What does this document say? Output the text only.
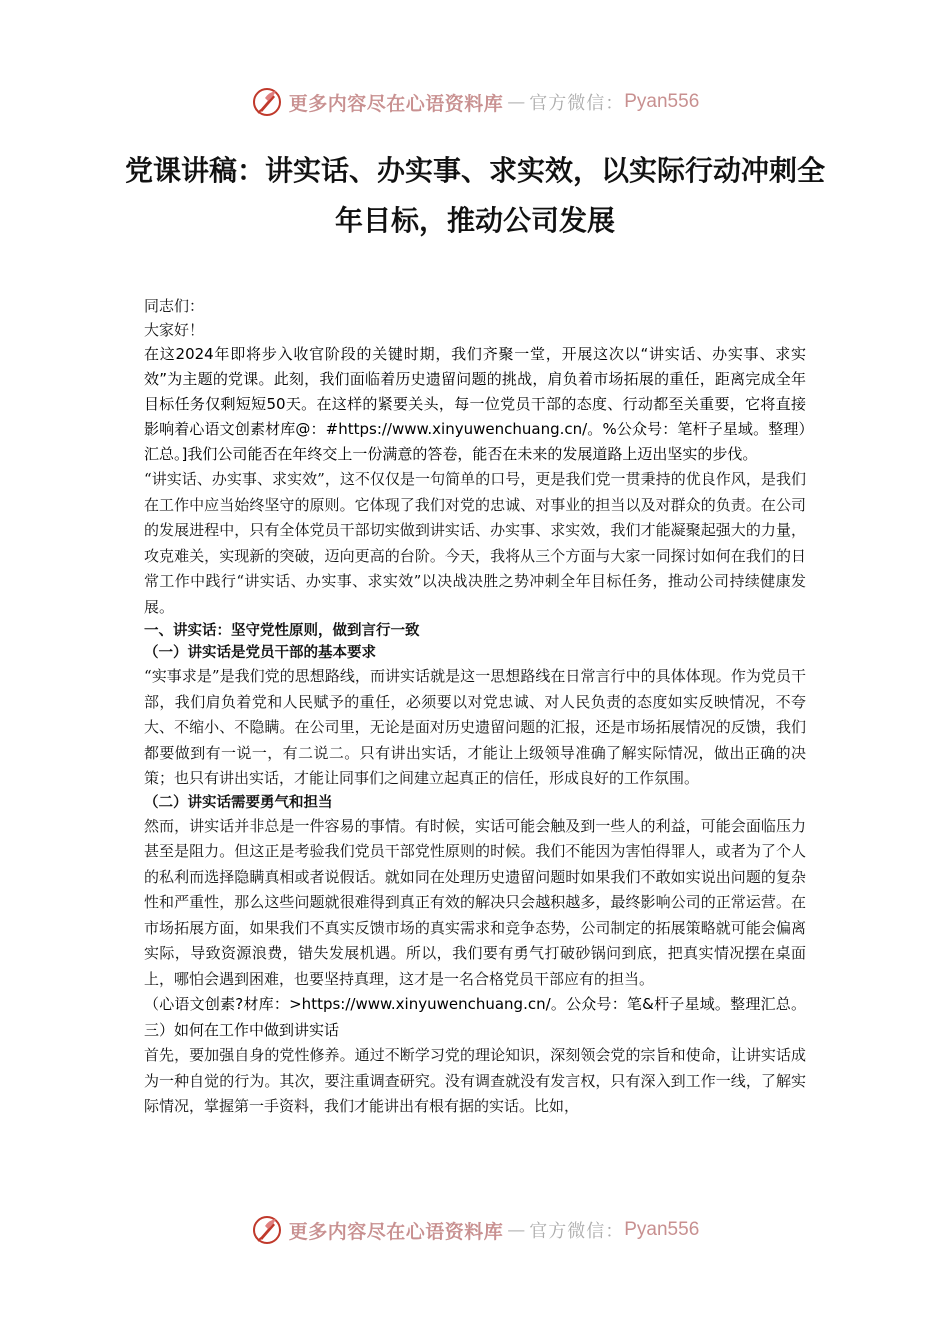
更多内容尽在心语资料库 — 官方微信： Pyan556
党课讲稿：讲实话、办实事、求实效，以实际行动冲刺全年目标，推动公司发展

同志们：

大家好！

在这2024年即将步入收官阶段的关键时期，我们齐聚一堂，开展这次以“讲实话、办实事、求实效”为主题的党课。此刻，我们面临着历史遗留问题的挑战，肩负着市场拓展的重任，距离完成全年目标任务仅剩短短50天。在这样的紧要关头，每一位党员干部的态度、行动都至关重要，它将直接影响着心语文创素材库@：#https://www.xinyuwenchuang.cn/。%公众号：笔杆子星域。整理）汇总。]我们公司能否在年终交上一份满意的答卷，能否在未来的发展道路上迈出坚实的步伐。

“讲实话、办实事、求实效”，这不仅仅是一句简单的口号，更是我们党一贯秉持的优良作风，是我们在工作中应当始终坚守的原则。它体现了我们对党的忠诚、对事业的担当以及对群众的负责。在公司的发展进程中，只有全体党员干部切实做到讲实话、办实事、求实效，我们才能凝聚起强大的力量，攻克难关，实现新的突破，迈向更高的台阶。今天，我将从三个方面与大家一同探讨如何在我们的日常工作中践行“讲实话、办实事、求实效”以决战决胜之势冲刺全年目标任务，推动公司持续健康发展。

一、讲实话：坚守党性原则，做到言行一致

（一）讲实话是党员干部的基本要求

“实事求是”是我们党的思想路线，而讲实话就是这一思想路线在日常言行中的具体体现。作为党员干部，我们肩负着党和人民赋予的重任，必须要以对党忠诚、对人民负责的态度如实反映情况，不夸大、不缩小、不隐瞒。在公司里，无论是面对历史遗留问题的汇报，还是市场拓展情况的反馈，我们都要做到有一说一，有二说二。只有讲出实话，才能让上级领导准确了解实际情况，做出正确的决策；也只有讲出实话，才能让同事们之间建立起真正的信任，形成良好的工作氛围。

（二）讲实话需要勇气和担当

然而，讲实话并非总是一件容易的事情。有时候，实话可能会触及到一些人的利益，可能会面临压力甚至是阻力。但这正是考验我们党员干部党性原则的时候。我们不能因为害怕得罪人，或者为了个人的私利而选择隐瞒真相或者说假话。就如同在处理历史遗留问题时如果我们不敢如实说出问题的复杂性和严重性，那么这些问题就很难得到真正有效的解决只会越积越多，最终影响公司的正常运营。在市场拓展方面，如果我们不真实反馈市场的真实需求和竞争态势，公司制定的拓展策略就可能会偏离实际，导致资源浪费，错失发展机遇。所以，我们要有勇气打破砂锅问到底，把真实情况摆在桌面上，哪怕会遇到困难，也要坚持真理，这才是一名合格党员干部应有的担当。

（心语文创素?材库：>https://www.xinyuwenchuang.cn/。公众号：笔&杆子星域。整理汇总。三）如何在工作中做到讲实话

首先，要加强自身的党性修养。通过不断学习党的理论知识，深刻领会党的宗旨和使命，让讲实话成为一种自觉的行为。其次，要注重调查研究。没有调查就没有发言权，只有深入到工作一线，了解实际情况，掌握第一手资料，我们才能讲出有根有据的实话。比如，

更多内容尽在心语资料库 — 官方微信： Pyan556
